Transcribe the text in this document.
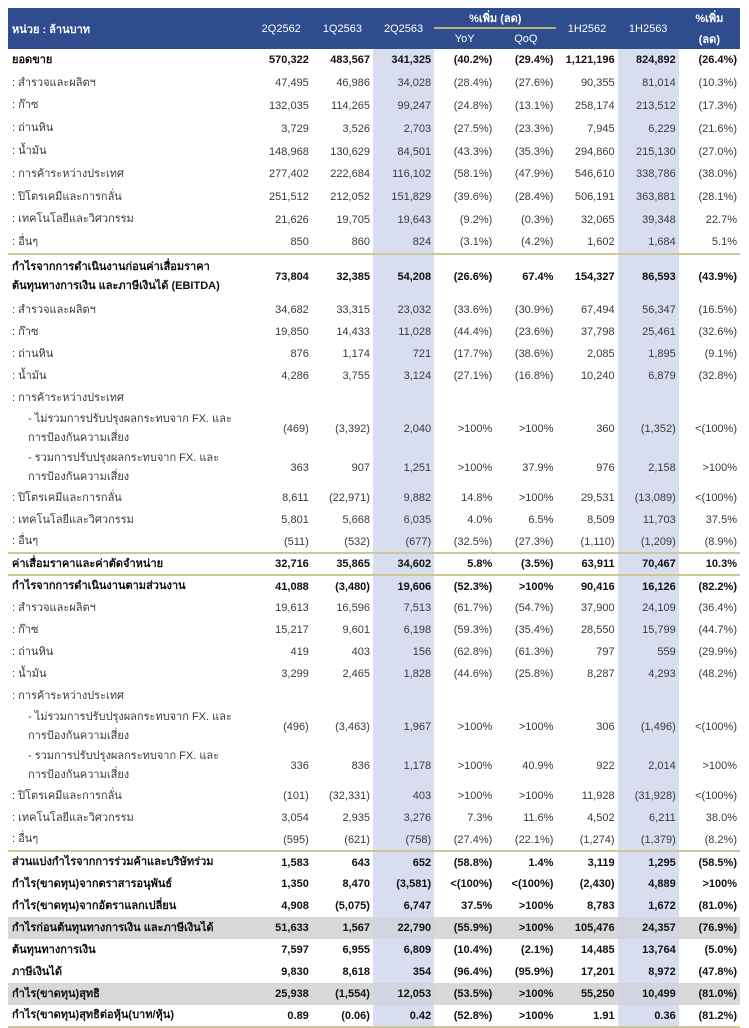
หน่วย : ล้านบาท	2Q2562	1Q2563	2Q2563	%เพิ่ม (ลด)		1H2562	1H2563	%เพิ่ม
				YoY	QoQ			(ลด)

ยอดขาย	570,322	483,567	341,325	(40.2%)	(29.4%)	1,121,196	824,892	(26.4%)

: สำรวจและผลิตฯ	47,495	46,986	34,028	(28.4%)	(27.6%)	90,355	81,014	(10.3%)

: ก๊าซ	132,035	114,265	99,247	(24.8%)	(13.1%)	258,174	213,512	(17.3%)

: ถ่านหิน	3,729	3,526	2,703	(27.5%)	(23.3%)	7,945	6,229	(21.6%)

: น้ำมัน	148,968	130,629	84,501	(43.3%)	(35.3%)	294,860	215,130	(27.0%)

: การค้าระหว่างประเทศ	277,402	222,684	116,102	(58.1%)	(47.9%)	546,610	338,786	(38.0%)

: ปิโตรเคมีและการกลั่น	251,512	212,052	151,829	(39.6%)	(28.4%)	506,191	363,881	(28.1%)

: เทคโนโลยีและวิศวกรรม	21,626	19,705	19,643	(9.2%)	(0.3%)	32,065	39,348	22.7%

: อื่นๆ	850	860	824	(3.1%)	(4.2%)	1,602	1,684	5.1%

กำไรจากการดำเนินงานก่อนค่าเสื่อมราคา
ต้นทุนทางการเงิน และภาษีเงินได้ (EBITDA)	73,804	32,385	54,208	(26.6%)	67.4%	154,327	86,593	(43.9%)

: สำรวจและผลิตฯ	34,682	33,315	23,032	(33.6%)	(30.9%)	67,494	56,347	(16.5%)

: ก๊าซ	19,850	14,433	11,028	(44.4%)	(23.6%)	37,798	25,461	(32.6%)

: ถ่านหิน	876	1,174	721	(17.7%)	(38.6%)	2,085	1,895	(9.1%)

: น้ำมัน	4,286	3,755	3,124	(27.1%)	(16.8%)	10,240	6,879	(32.8%)

: การค้าระหว่างประเทศ								

- ไม่รวมการปรับปรุงผลกระทบจาก FX. และ
การป้องกันความเสี่ยง	(469)	(3,392)	2,040	>100%	>100%	360	(1,352)	<(100%)

- รวมการปรับปรุงผลกระทบจาก FX. และ
การป้องกันความเสี่ยง	363	907	1,251	>100%	37.9%	976	2,158	>100%

: ปิโตรเคมีและการกลั่น	8,611	(22,971)	9,882	14.8%	>100%	29,531	(13,089)	<(100%)

: เทคโนโลยีและวิศวกรรม	5,801	5,668	6,035	4.0%	6.5%	8,509	11,703	37.5%

: อื่นๆ	(511)	(532)	(677)	(32.5%)	(27.3%)	(1,110)	(1,209)	(8.9%)

ค่าเสื่อมราคาและค่าตัดจำหน่าย	32,716	35,865	34,602	5.8%	(3.5%)	63,911	70,467	10.3%

กำไรจากการดำเนินงานตามส่วนงาน	41,088	(3,480)	19,606	(52.3%)	>100%	90,416	16,126	(82.2%)

: สำรวจและผลิตฯ	19,613	16,596	7,513	(61.7%)	(54.7%)	37,900	24,109	(36.4%)

: ก๊าซ	15,217	9,601	6,198	(59.3%)	(35.4%)	28,550	15,799	(44.7%)

: ถ่านหิน	419	403	156	(62.8%)	(61.3%)	797	559	(29.9%)

: น้ำมัน	3,299	2,465	1,828	(44.6%)	(25.8%)	8,287	4,293	(48.2%)

: การค้าระหว่างประเทศ								

- ไม่รวมการปรับปรุงผลกระทบจาก FX. และ
การป้องกันความเสี่ยง	(496)	(3,463)	1,967	>100%	>100%	306	(1,496)	<(100%)

- รวมการปรับปรุงผลกระทบจาก FX. และ
การป้องกันความเสี่ยง	336	836	1,178	>100%	40.9%	922	2,014	>100%

: ปิโตรเคมีและการกลั่น	(101)	(32,331)	403	>100%	>100%	11,928	(31,928)	<(100%)

: เทคโนโลยีและวิศวกรรม	3,054	2,935	3,276	7.3%	11.6%	4,502	6,211	38.0%

: อื่นๆ	(595)	(621)	(758)	(27.4%)	(22.1%)	(1,274)	(1,379)	(8.2%)

ส่วนแบ่งกำไรจากการร่วมค้าและบริษัทร่วม	1,583	643	652	(58.8%)	1.4%	3,119	1,295	(58.5%)

กำไร(ขาดทุน)จากตราสารอนุพันธ์	1,350	8,470	(3,581)	<(100%)	<(100%)	(2,430)	4,889	>100%

กำไร(ขาดทุน)จากอัตราแลกเปลี่ยน	4,908	(5,075)	6,747	37.5%	>100%	8,783	1,672	(81.0%)

กำไรก่อนต้นทุนทางการเงิน และภาษีเงินได้	51,633	1,567	22,790	(55.9%)	>100%	105,476	24,357	(76.9%)

ต้นทุนทางการเงิน	7,597	6,955	6,809	(10.4%)	(2.1%)	14,485	13,764	(5.0%)

ภาษีเงินได้	9,830	8,618	354	(96.4%)	(95.9%)	17,201	8,972	(47.8%)

กำไร(ขาดทุน)สุทธิ	25,938	(1,554)	12,053	(53.5%)	>100%	55,250	10,499	(81.0%)

กำไร(ขาดทุน)สุทธิต่อหุ้น(บาท/หุ้น)	0.89	(0.06)	0.42	(52.8%)	>100%	1.91	0.36	(81.2%)
